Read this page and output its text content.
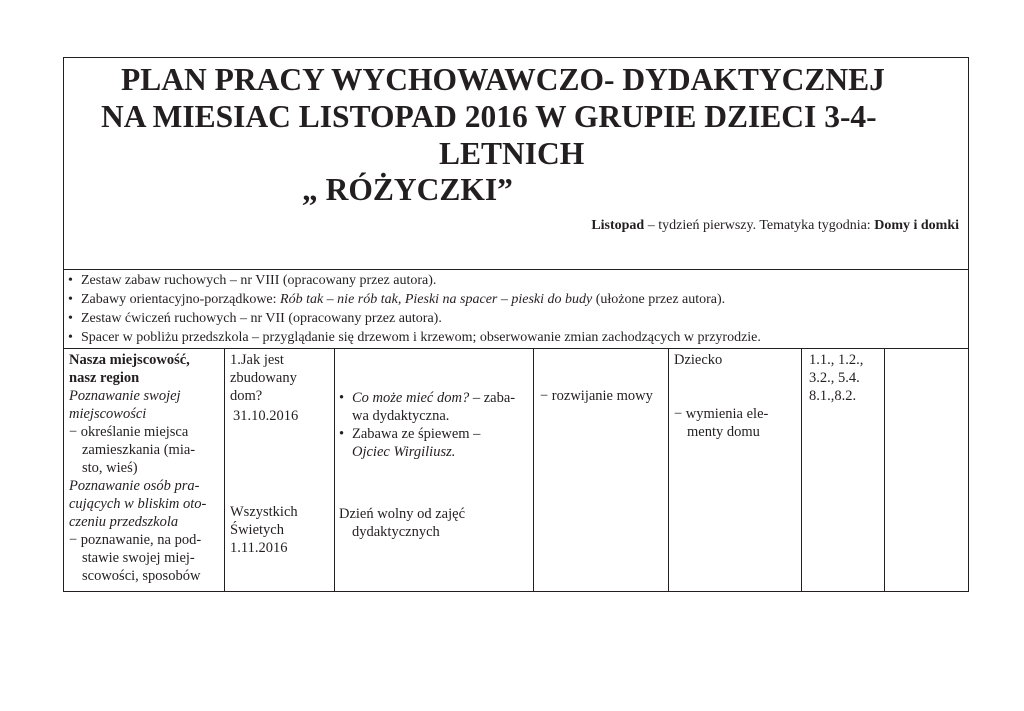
PLAN PRACY WYCHOWAWCZO- DYDAKTYCZNEJ
NA MIESIAC LISTOPAD 2016 W GRUPIE DZIECI 3-4-
LETNICH
„ RÓŻYCZKI”
Listopad – tydzień pierwszy. Tematyka tygodnia: Domy i domki
• Zestaw zabaw ruchowych – nr VIII (opracowany przez autora).
• Zabawy orientacyjno-porządkowe: Rób tak – nie rób tak, Pieski na spacer – pieski do budy (ułożone przez autora).
• Zestaw ćwiczeń ruchowych – nr VII (opracowany przez autora).
• Spacer w pobliżu przedszkola – przyglądanie się drzewom i krzewom; obserwowanie zmian zachodzących w przyrodzie.
Nasza miejscowość,
nasz region
Poznawanie swojej
miejscowości
− określanie miejsca
zamieszkania (mia-
sto, wieś)
Poznawanie osób pra-
cujących w bliskim oto-
czeniu przedszkola
− poznawanie, na pod-
stawie swojej miej-
scowości, sposobów
1.Jak jest
zbudowany
dom?
31.10.2016
Wszystkich
Świetych
1.11.2016
• Co może mieć dom? – zaba-
wa dydaktyczna.
• Zabawa ze śpiewem –
Ojciec Wirgiliusz.
Dzień wolny od zajęć
dydaktycznych
− rozwijanie mowy
Dziecko
− wymienia ele-
menty domu
1.1., 1.2.,
3.2., 5.4.
8.1.,8.2.
